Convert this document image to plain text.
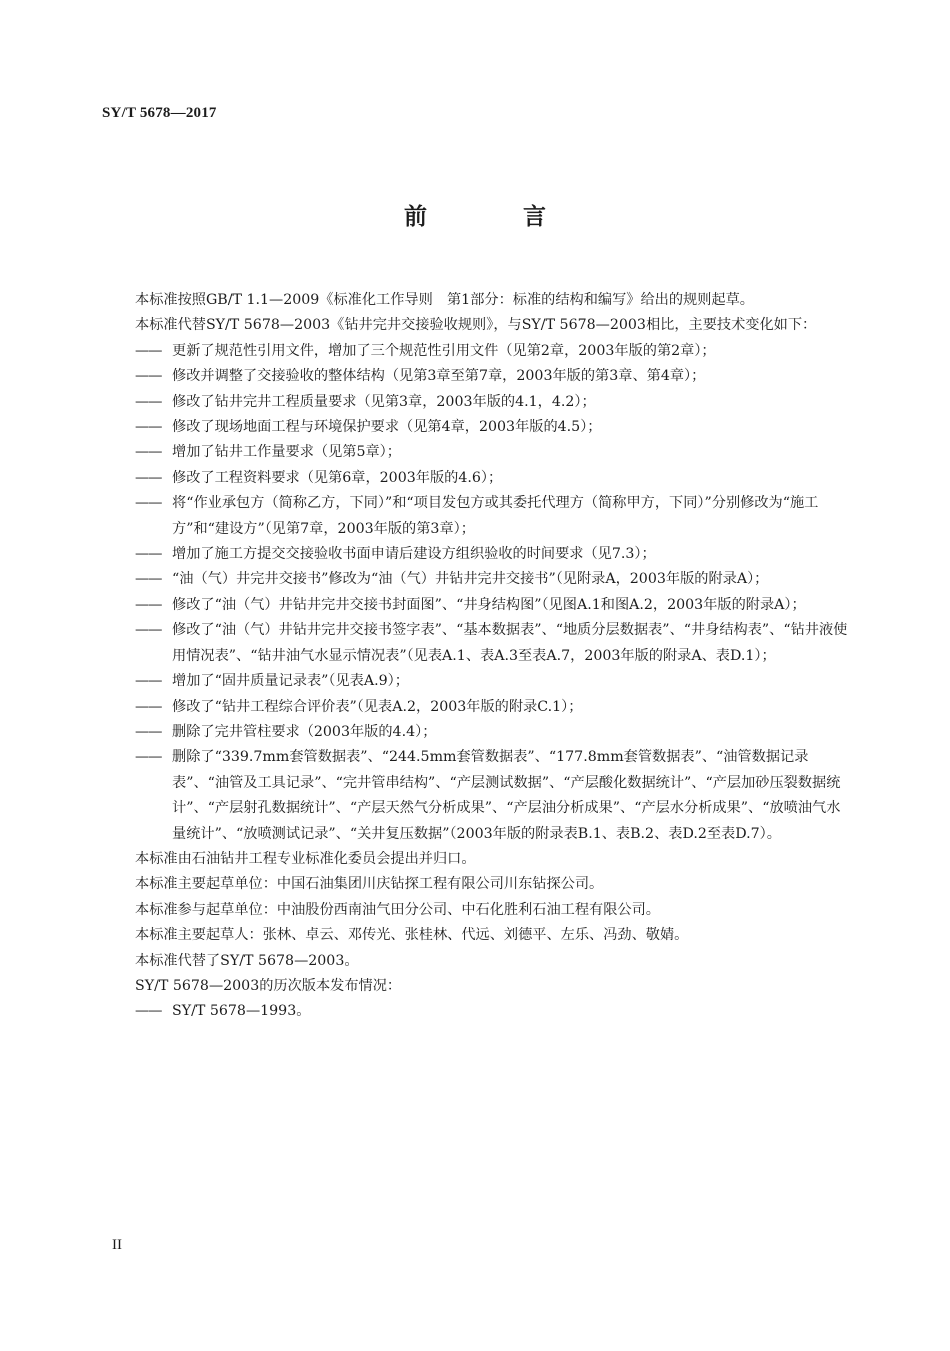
SY/T 5678—2017
前 言
本标准按照GB/T 1.1—2009《标准化工作导则　第1部分：标准的结构和编写》给出的规则起草。
本标准代替SY/T 5678—2003《钻井完井交接验收规则》，与SY/T 5678—2003相比，主要技术变化如下：
—— 更新了规范性引用文件，增加了三个规范性引用文件（见第2章，2003年版的第2章）；
—— 修改并调整了交接验收的整体结构（见第3章至第7章，2003年版的第3章、第4章）；
—— 修改了钻井完井工程质量要求（见第3章，2003年版的4.1，4.2）；
—— 修改了现场地面工程与环境保护要求（见第4章，2003年版的4.5）；
—— 增加了钻井工作量要求（见第5章）；
—— 修改了工程资料要求（见第6章，2003年版的4.6）；
—— 将“作业承包方（简称乙方，下同）”和“项目发包方或其委托代理方（简称甲方，下同）”分别修改为“施工方”和“建设方”（见第7章，2003年版的第3章）；
—— 增加了施工方提交交接验收书面申请后建设方组织验收的时间要求（见7.3）；
—— “油（气）井完井交接书”修改为“油（气）井钻井完井交接书”（见附录A，2003年版的附录A）；
—— 修改了“油（气）井钻井完井交接书封面图”、“井身结构图”（见图A.1和图A.2，2003年版的附录A）；
—— 修改了“油（气）井钻井完井交接书签字表”、“基本数据表”、“地质分层数据表”、“井身结构表”、“钻井液使用情况表”、“钻井油气水显示情况表”（见表A.1、表A.3至表A.7，2003年版的附录A、表D.1）；
—— 增加了“固井质量记录表”（见表A.9）；
—— 修改了“钻井工程综合评价表”（见表A.2，2003年版的附录C.1）；
—— 删除了完井管柱要求（2003年版的4.4）；
—— 删除了“339.7mm套管数据表”、“244.5mm套管数据表”、“177.8mm套管数据表”、“油管数据记录表”、“油管及工具记录”、“完井管串结构”、“产层测试数据”、“产层酸化数据统计”、“产层加砂压裂数据统计”、“产层射孔数据统计”、“产层天然气分析成果”、“产层油分析成果”、“产层水分析成果”、“放喷油气水量统计”、“放喷测试记录”、“关井复压数据”（2003年版的附录表B.1、表B.2、表D.2至表D.7）。
本标准由石油钻井工程专业标准化委员会提出并归口。
本标准主要起草单位：中国石油集团川庆钻探工程有限公司川东钻探公司。
本标准参与起草单位：中油股份西南油气田分公司、中石化胜利石油工程有限公司。
本标准主要起草人：张林、卓云、邓传光、张桂林、代远、刘德平、左乐、冯劲、敬婧。
本标准代替了SY/T 5678—2003。
SY/T 5678—2003的历次版本发布情况：
—— SY/T 5678—1993。
II
